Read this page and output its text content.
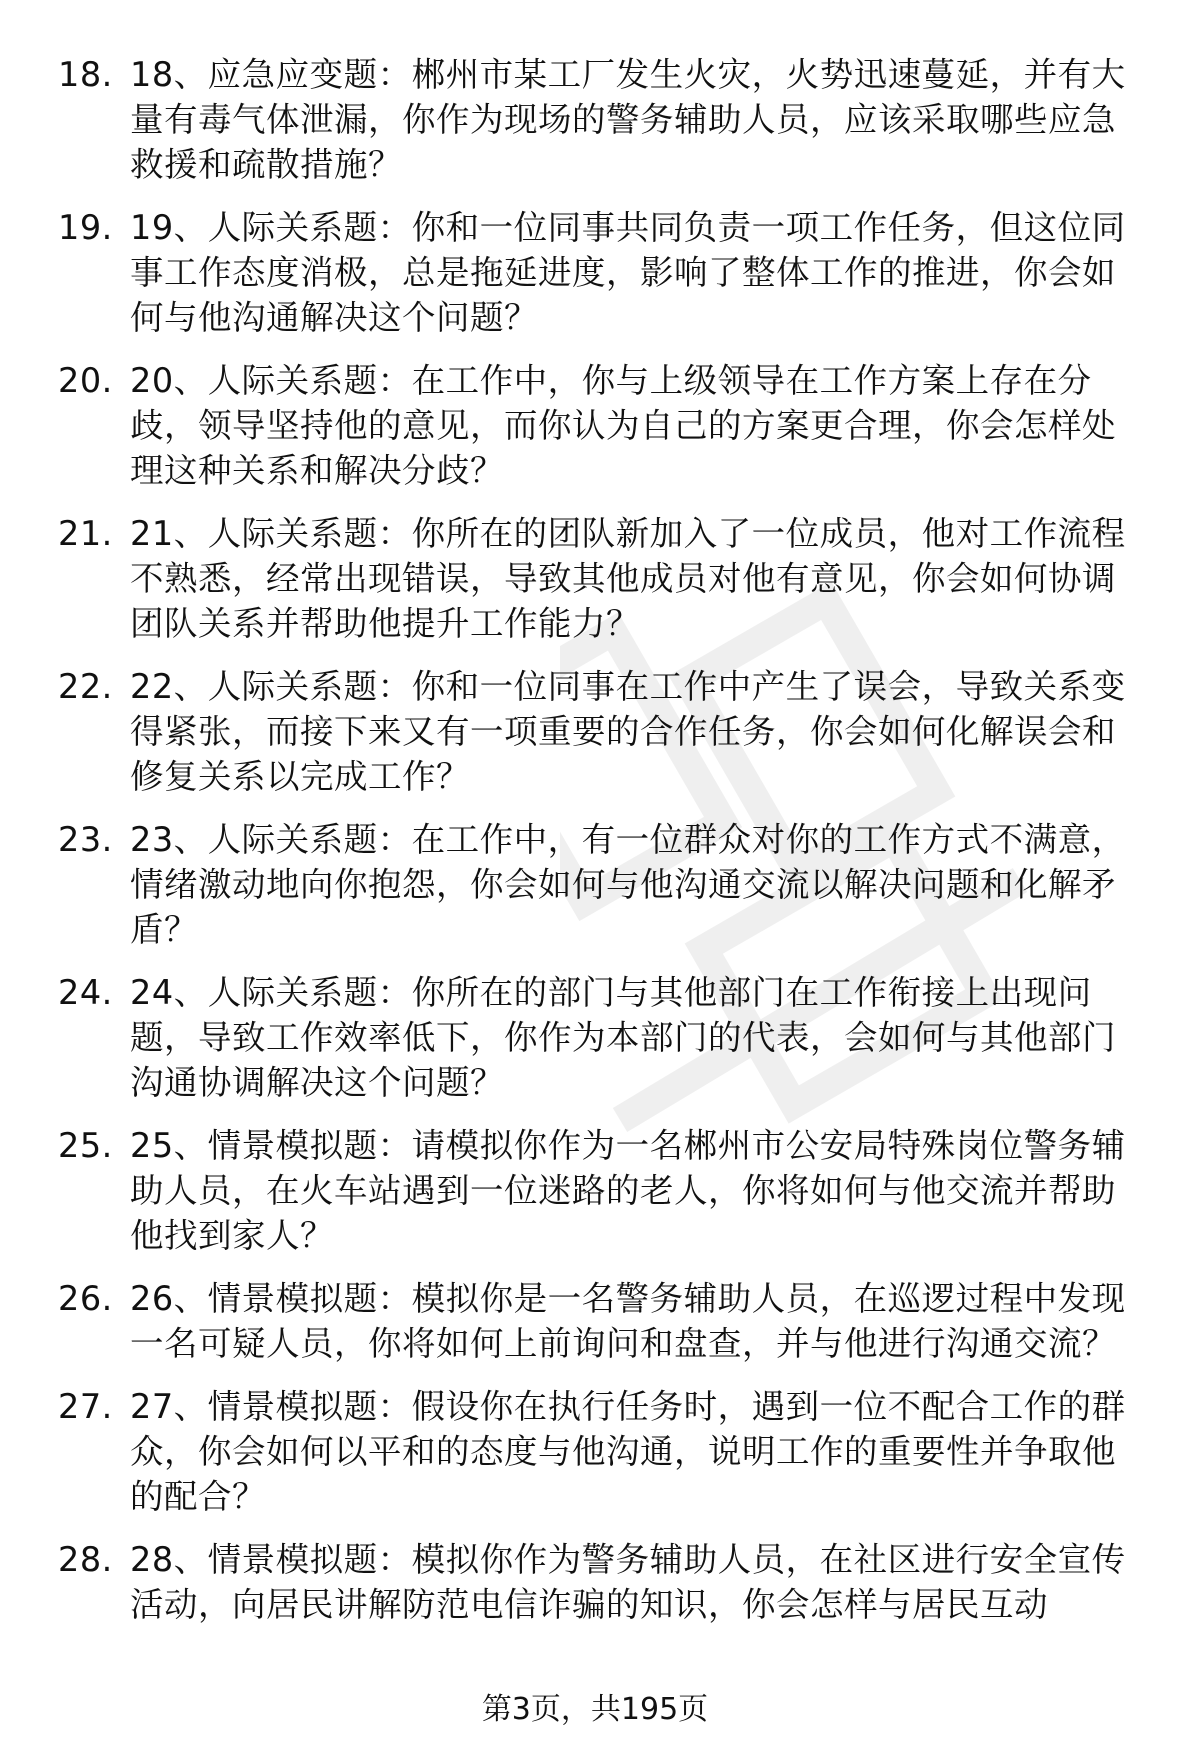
18. 18、应急应变题：郴州市某工厂发生火灾，火势迅速蔓延，并有大量有毒气体泄漏，你作为现场的警务辅助人员，应该采取哪些应急救援和疏散措施？
19. 19、人际关系题：你和一位同事共同负责一项工作任务，但这位同事工作态度消极，总是拖延进度，影响了整体工作的推进，你会如何与他沟通解决这个问题？
20. 20、人际关系题：在工作中，你与上级领导在工作方案上存在分歧，领导坚持他的意见，而你认为自己的方案更合理，你会怎样处理这种关系和解决分歧？
21. 21、人际关系题：你所在的团队新加入了一位成员，他对工作流程不熟悉，经常出现错误，导致其他成员对他有意见，你会如何协调团队关系并帮助他提升工作能力？
22. 22、人际关系题：你和一位同事在工作中产生了误会，导致关系变得紧张，而接下来又有一项重要的合作任务，你会如何化解误会和修复关系以完成工作？
23. 23、人际关系题：在工作中，有一位群众对你的工作方式不满意，情绪激动地向你抱怨，你会如何与他沟通交流以解决问题和化解矛盾？
24. 24、人际关系题：你所在的部门与其他部门在工作衔接上出现问题，导致工作效率低下，你作为本部门的代表，会如何与其他部门沟通协调解决这个问题？
25. 25、情景模拟题：请模拟你作为一名郴州市公安局特殊岗位警务辅助人员，在火车站遇到一位迷路的老人，你将如何与他交流并帮助他找到家人？
26. 26、情景模拟题：模拟你是一名警务辅助人员，在巡逻过程中发现一名可疑人员，你将如何上前询问和盘查，并与他进行沟通交流？
27. 27、情景模拟题：假设你在执行任务时，遇到一位不配合工作的群众，你会如何以平和的态度与他沟通，说明工作的重要性并争取他的配合？
28. 28、情景模拟题：模拟你作为警务辅助人员，在社区进行安全宣传活动，向居民讲解防范电信诈骗的知识，你会怎样与居民互动
第3页，共195页
